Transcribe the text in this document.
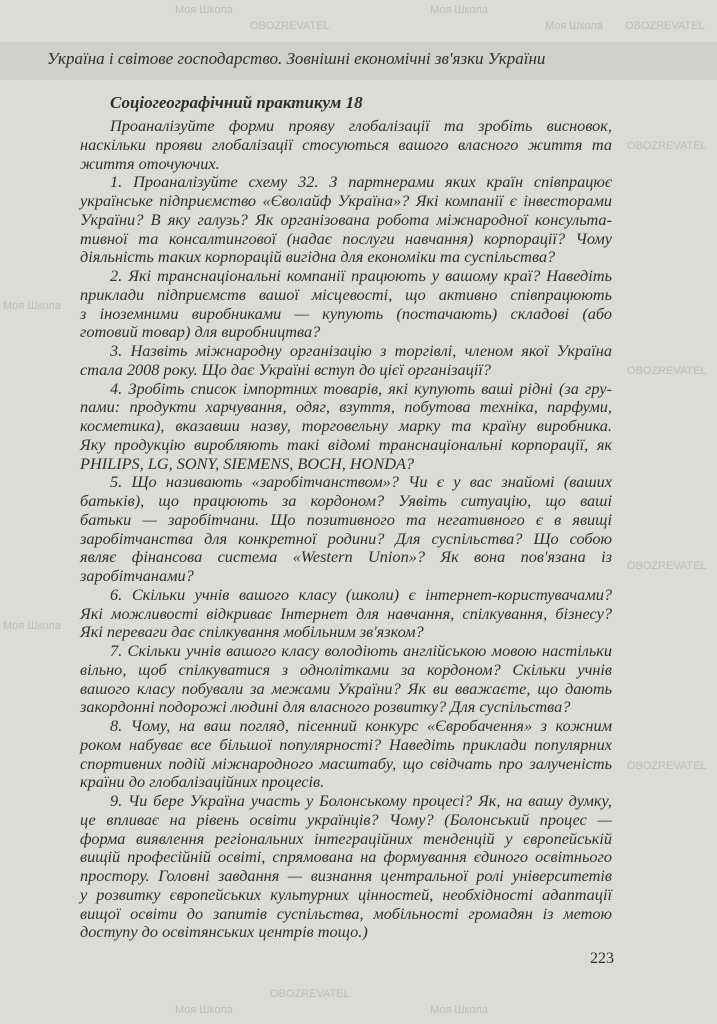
Україна і світове господарство. Зовнішні економічні зв'язки України
Соціогеографічний практикум 18
Проаналізуйте форми прояву глобалізації та зробіть висновок,
наскільки прояви глобалізації стосуються вашого власного життя та
життя оточуючих.
1. Проаналізуйте схему 32. З партнерами яких країн співпрацює
українське підприємство «Єволайф Україна»? Які компанії є інвесторами
України? В яку галузь? Як організована робота міжнародної консульта-
тивної та консалтингової (надає послуги навчання) корпорації? Чому
діяльність таких корпорацій вигідна для економіки та суспільства?
2. Які транснаціональні компанії працюють у вашому краї? Наведіть
приклади підприємств вашої місцевості, що активно співпрацюють
з іноземними виробниками — купують (постачають) складові (або
готовий товар) для виробництва?
3. Назвіть міжнародну організацію з торгівлі, членом якої Україна
стала 2008 року. Що дає Україні вступ до цієї організації?
4. Зробіть список імпортних товарів, які купують ваші рідні (за гру-
пами: продукти харчування, одяг, взуття, побутова техніка, парфуми,
косметика), вказавши назву, торговельну марку та країну виробника.
Яку продукцію виробляють такі відомі транснаціональні корпорації, як
PHILIPS, LG, SONY, SIEMENS, BOCH, HONDA?
5. Що називають «заробітчанством»? Чи є у вас знайомі (ваших
батьків), що працюють за кордоном? Уявіть ситуацію, що ваші
батьки — заробітчани. Що позитивного та негативного є в явищі
заробітчанства для конкретної родини? Для суспільства? Що собою
являє фінансова система «Western Union»? Як вона пов'язана із
заробітчанами?
6. Скільки учнів вашого класу (школи) є інтернет-користувачами?
Які можливості відкриває Інтернет для навчання, спілкування, бізнесу?
Які переваги дає спілкування мобільним зв'язком?
7. Скільки учнів вашого класу володіють англійською мовою настільки
вільно, щоб спілкуватися з однолітками за кордоном? Скільки учнів
вашого класу побували за межами України? Як ви вважаєте, що дають
закордонні подорожі людині для власного розвитку? Для суспільства?
8. Чому, на ваш погляд, пісенний конкурс «Євробачення» з кожним
роком набуває все більшої популярності? Наведіть приклади популярних
спортивних подій міжнародного масштабу, що свідчать про залученість
країни до глобалізаційних процесів.
9. Чи бере Україна участь у Болонському процесі? Як, на вашу думку,
це впливає на рівень освіти українців? Чому? (Болонський процес —
форма виявлення регіональних інтеграційних тенденцій у європейській
вищій професійній освіті, спрямована на формування єдиного освітнього
простору. Головні завдання — визнання центральної ролі університетів
у розвитку європейських культурних цінностей, необхідності адаптації
вищої освіти до запитів суспільства, мобільності громадян із метою
доступу до освітянських центрів тощо.)
223
Моя Школа	Моя Школа
OBOZREVATEL	Моя Школа OBOZREVATEL
OBOZREVATEL
OBOZREVATEL
OBOZREVATEL
OBOZREVATEL
Моя Школа
Моя Школа
Моя Школа	Моя Школа
OBOZREVATEL
